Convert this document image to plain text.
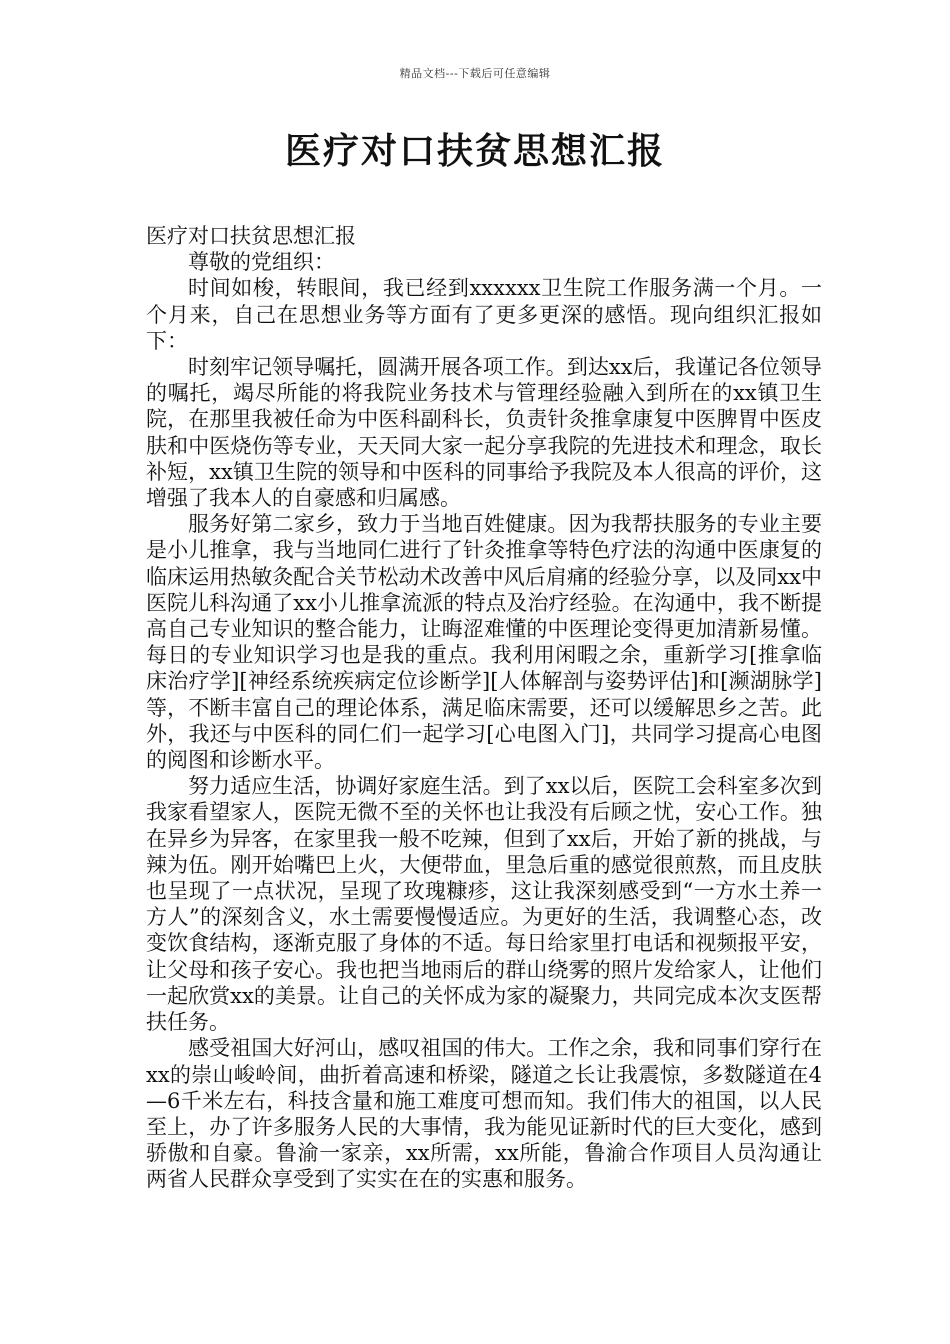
精品文档---下载后可任意编辑
医疗对口扶贫思想汇报

医疗对口扶贫思想汇报

尊敬的党组织：

时间如梭，转眼间，我已经到xxxxxx卫生院工作服务满一个月。一个月来，自己在思想业务等方面有了更多更深的感悟。现向组织汇报如下：

时刻牢记领导嘱托，圆满开展各项工作。到达xx后，我谨记各位领导的嘱托，竭尽所能的将我院业务技术与管理经验融入到所在的xx镇卫生院，在那里我被任命为中医科副科长，负责针灸推拿康复中医脾胃中医皮肤和中医烧伤等专业，天天同大家一起分享我院的先进技术和理念，取长补短，xx镇卫生院的领导和中医科的同事给予我院及本人很高的评价，这增强了我本人的自豪感和归属感。

服务好第二家乡，致力于当地百姓健康。因为我帮扶服务的专业主要是小儿推拿，我与当地同仁进行了针灸推拿等特色疗法的沟通中医康复的临床运用热敏灸配合关节松动术改善中风后肩痛的经验分享，以及同xx中医院儿科沟通了xx小儿推拿流派的特点及治疗经验。在沟通中，我不断提高自己专业知识的整合能力，让晦涩难懂的中医理论变得更加清新易懂。每日的专业知识学习也是我的重点。我利用闲暇之余，重新学习[推拿临床治疗学][神经系统疾病定位诊断学][人体解剖与姿势评估]和[濒湖脉学]等，不断丰富自己的理论体系，满足临床需要，还可以缓解思乡之苦。此外，我还与中医科的同仁们一起学习[心电图入门]，共同学习提高心电图的阅图和诊断水平。

努力适应生活，协调好家庭生活。到了xx以后，医院工会科室多次到我家看望家人，医院无微不至的关怀也让我没有后顾之忧，安心工作。独在异乡为异客，在家里我一般不吃辣，但到了xx后，开始了新的挑战，与辣为伍。刚开始嘴巴上火，大便带血，里急后重的感觉很煎熬，而且皮肤也呈现了一点状况，呈现了玫瑰糠疹，这让我深刻感受到“一方水土养一方人”的深刻含义，水土需要慢慢适应。为更好的生活，我调整心态，改变饮食结构，逐渐克服了身体的不适。每日给家里打电话和视频报平安，让父母和孩子安心。我也把当地雨后的群山绕雾的照片发给家人，让他们一起欣赏xx的美景。让自己的关怀成为家的凝聚力，共同完成本次支医帮扶任务。

感受祖国大好河山，感叹祖国的伟大。工作之余，我和同事们穿行在xx的崇山峻岭间，曲折着高速和桥梁，隧道之长让我震惊，多数隧道在4—6千米左右，科技含量和施工难度可想而知。我们伟大的祖国，以人民至上，办了许多服务人民的大事情，我为能见证新时代的巨大变化，感到骄傲和自豪。鲁渝一家亲，xx所需，xx所能，鲁渝合作项目人员沟通让两省人民群众享受到了实实在在的实惠和服务。
